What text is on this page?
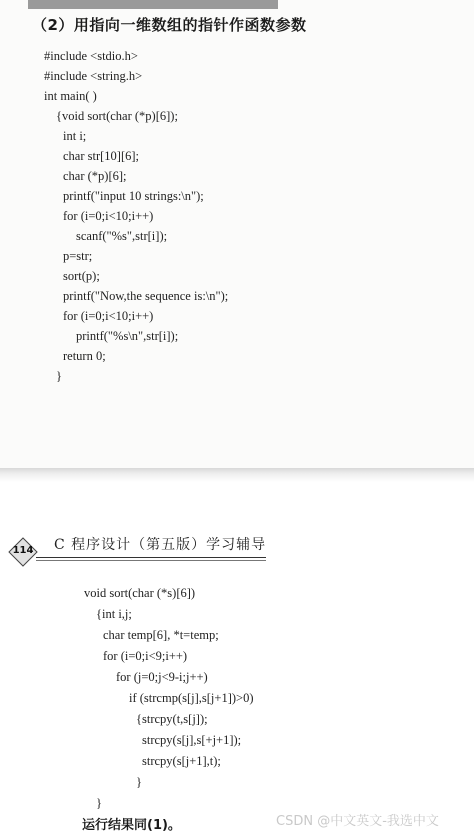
（2）用指向一维数组的指针作函数参数
#include <stdio.h>
#include <string.h>
int main( )
{void sort(char (*p)[6]);
int i;
char str[10][6];
char (*p)[6];
printf("input 10 strings:\n");
for (i=0;i<10;i++)
scanf("%s",str[i]);
p=str;
sort(p);
printf("Now,the sequence is:\n");
for (i=0;i<10;i++)
printf("%s\n",str[i]);
return 0;
}
114	C 程序设计（第五版）学习辅导
void sort(char (*s)[6])
{int i,j;
char temp[6], *t=temp;
for (i=0;i<9;i++)
for (j=0;j<9-i;j++)
if (strcmp(s[j],s[j+1])>0)
{strcpy(t,s[j]);
strcpy(s[j],s[+j+1]);
strcpy(s[j+1],t);
}
}
运行结果同(1)。	CSDN @中文英文-我选中文
